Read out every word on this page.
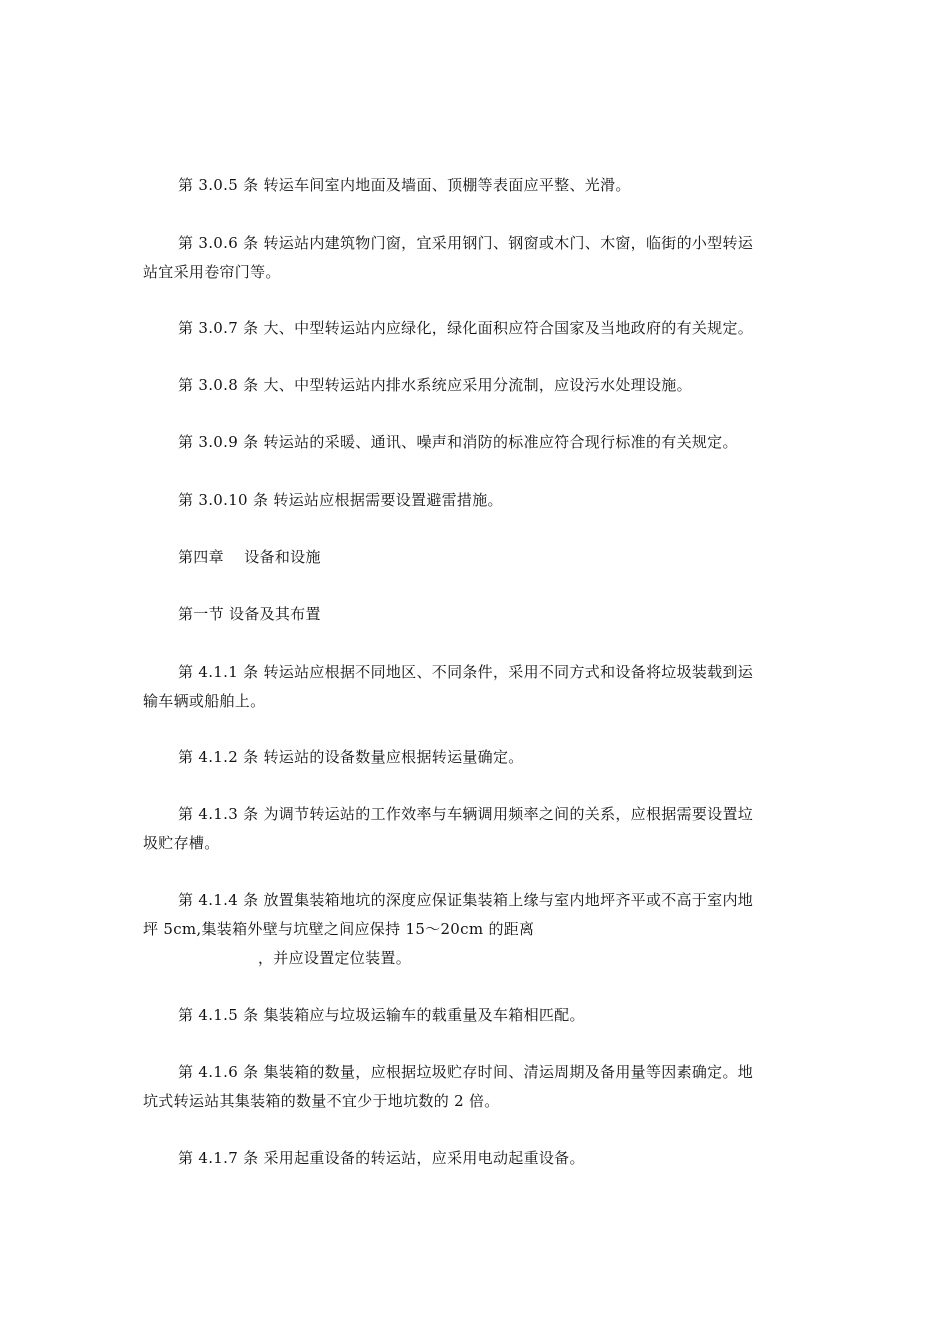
第 3.0.5 条 转运车间室内地面及墙面、顶棚等表面应平整、光滑。

第 3.0.6 条 转运站内建筑物门窗，宜采用钢门、钢窗或木门、木窗，临街的小型转运
站宜采用卷帘门等。

第 3.0.7 条 大、中型转运站内应绿化，绿化面积应符合国家及当地政府的有关规定。

第 3.0.8 条 大、中型转运站内排水系统应采用分流制，应设污水处理设施。

第 3.0.9 条 转运站的采暖、通讯、噪声和消防的标准应符合现行标准的有关规定。

第 3.0.10 条 转运站应根据需要设置避雷措施。

第四章　 设备和设施

第一节 设备及其布置

第 4.1.1 条 转运站应根据不同地区、不同条件，采用不同方式和设备将垃圾装载到运
输车辆或船舶上。

第 4.1.2 条 转运站的设备数量应根据转运量确定。

第 4.1.3 条 为调节转运站的工作效率与车辆调用频率之间的关系，应根据需要设置垃
圾贮存槽。

第 4.1.4 条 放置集装箱地坑的深度应保证集装箱上缘与室内地坪齐平或不高于室内地
坪 5cm,集装箱外壁与坑壁之间应保持 15～20cm 的距离

，并应设置定位装置。

第 4.1.5 条 集装箱应与垃圾运输车的载重量及车箱相匹配。

第 4.1.6 条 集装箱的数量，应根据垃圾贮存时间、清运周期及备用量等因素确定。地
坑式转运站其集装箱的数量不宜少于地坑数的 2 倍。

第 4.1.7 条 采用起重设备的转运站，应采用电动起重设备。
